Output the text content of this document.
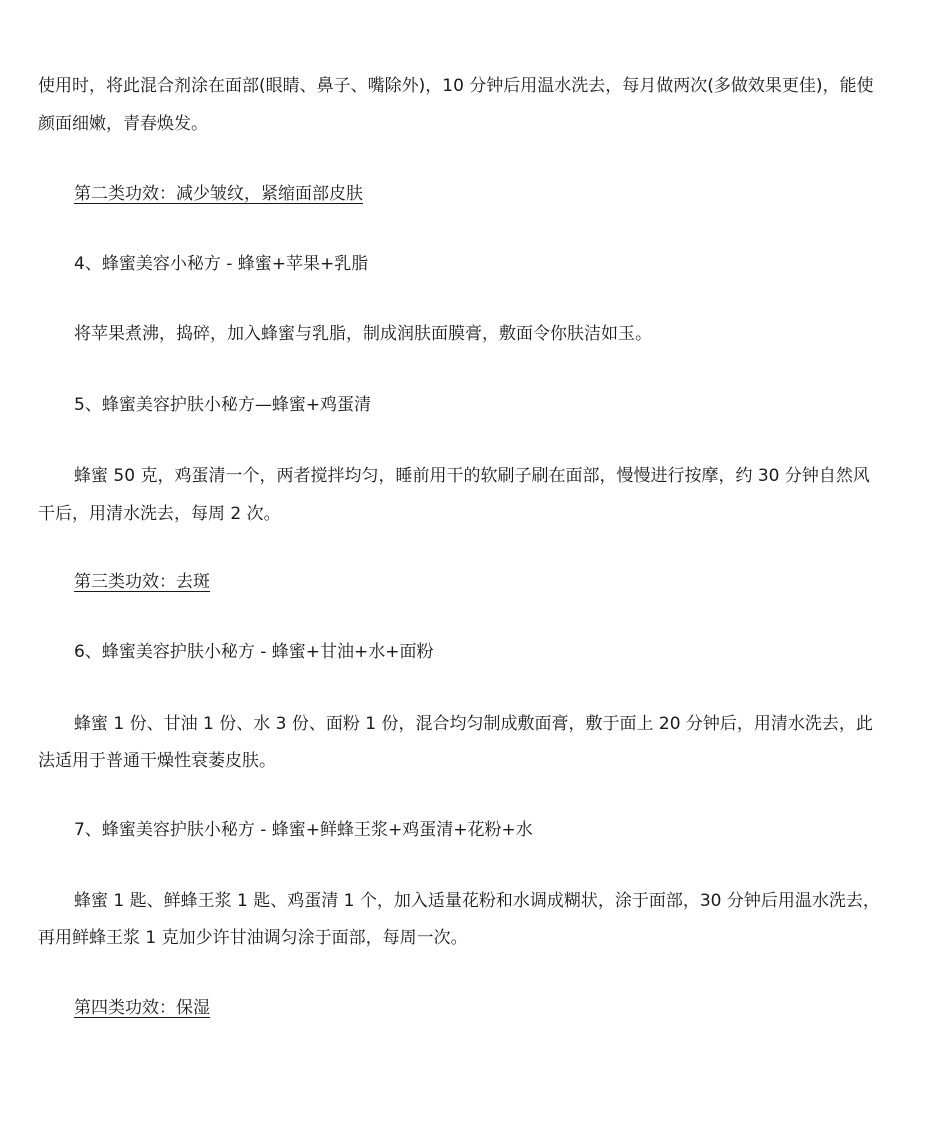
使用时，将此混合剂涂在面部(眼睛、鼻子、嘴除外)，10 分钟后用温水洗去，每月做两次(多做效果更佳)，能使
颜面细嫩，青春焕发。
第二类功效：减少皱纹，紧缩面部皮肤
4、蜂蜜美容小秘方 - 蜂蜜+苹果+乳脂
将苹果煮沸，捣碎，加入蜂蜜与乳脂，制成润肤面膜膏，敷面令你肤洁如玉。
5、蜂蜜美容护肤小秘方—蜂蜜+鸡蛋清
蜂蜜 50 克，鸡蛋清一个，两者搅拌均匀，睡前用干的软刷子刷在面部，慢慢进行按摩，约 30 分钟自然风
干后，用清水洗去，每周 2 次。
第三类功效：去斑
6、蜂蜜美容护肤小秘方 - 蜂蜜+甘油+水+面粉
蜂蜜 1 份、甘油 1 份、水 3 份、面粉 1 份，混合均匀制成敷面膏，敷于面上 20 分钟后，用清水洗去，此
法适用于普通干燥性衰萎皮肤。
7、蜂蜜美容护肤小秘方 - 蜂蜜+鲜蜂王浆+鸡蛋清+花粉+水
蜂蜜 1 匙、鲜蜂王浆 1 匙、鸡蛋清 1 个，加入适量花粉和水调成糊状，涂于面部，30 分钟后用温水洗去，
再用鲜蜂王浆 1 克加少许甘油调匀涂于面部，每周一次。
第四类功效：保湿
